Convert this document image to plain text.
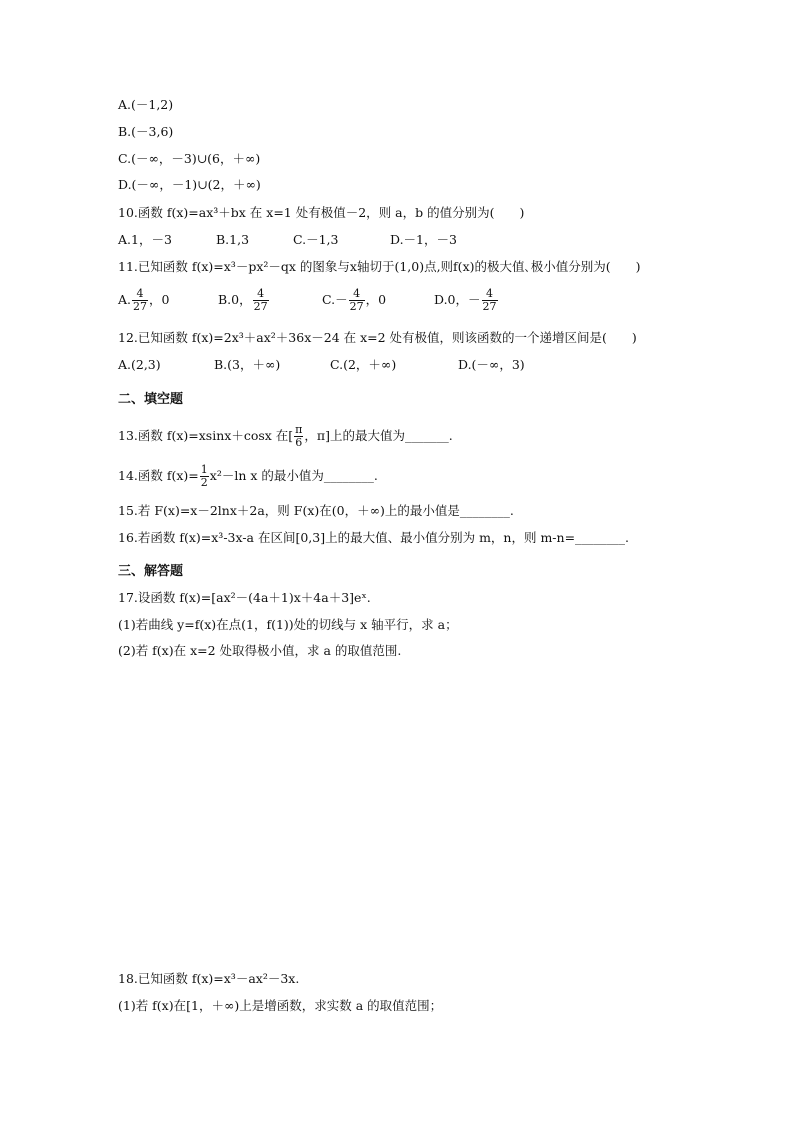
A.(－1,2)
B.(－3,6)
C.(－∞，－3)∪(6，＋∞)
D.(－∞，－1)∪(2，＋∞)
10.函数 f(x)=ax³＋bx 在 x=1 处有极值－2，则 a，b 的值分别为(　　)
A.1，－3	B.1,3	C.－1,3	D.－1，－3
11.已知函数 f(x)=x³－px²－qx 的图象与x轴切于(1,0)点,则f(x)的极大值､极小值分别为(　　)
A. $\frac{4}{27}$ ，0	B.0， $\frac{4}{27}$	$C.- \frac{4}{27}$ ，0	D.0，－ $\frac{4}{27}$
12.已知函数 f(x)=2x³＋ax²＋36x－24 在 x=2 处有极值，则该函数的一个递增区间是(　　)
A.(2,3)	B.(3，＋∞)	C.(2，＋∞)	D.(－∞，3)
二、填空题
13.函数 f(x)=xsinx＋cosx 在[ $\frac{\pi}{6}$ ，π]上的最大值为_______.
14.函数 $f(x)= \frac{1}{2} x^2-\ln$ x 的最小值为________.
15.若 F(x)=x－2lnx＋2a，则 F(x)在(0，＋∞)上的最小值是________.
16.若函数 f(x)=x³-3x-a 在区间[0,3]上的最大值、最小值分别为 m，n，则 m-n=________.
三、解答题
17.设函数 f(x)=[ax²－(4a＋1)x＋4a＋3]eˣ.
(1)若曲线 y=f(x)在点(1，f(1))处的切线与 x 轴平行，求 a；
(2)若 f(x)在 x=2 处取得极小值，求 a 的取值范围.
18.已知函数 f(x)=x³－ax²－3x.
(1)若 f(x)在[1，＋∞)上是增函数，求实数 a 的取值范围；
